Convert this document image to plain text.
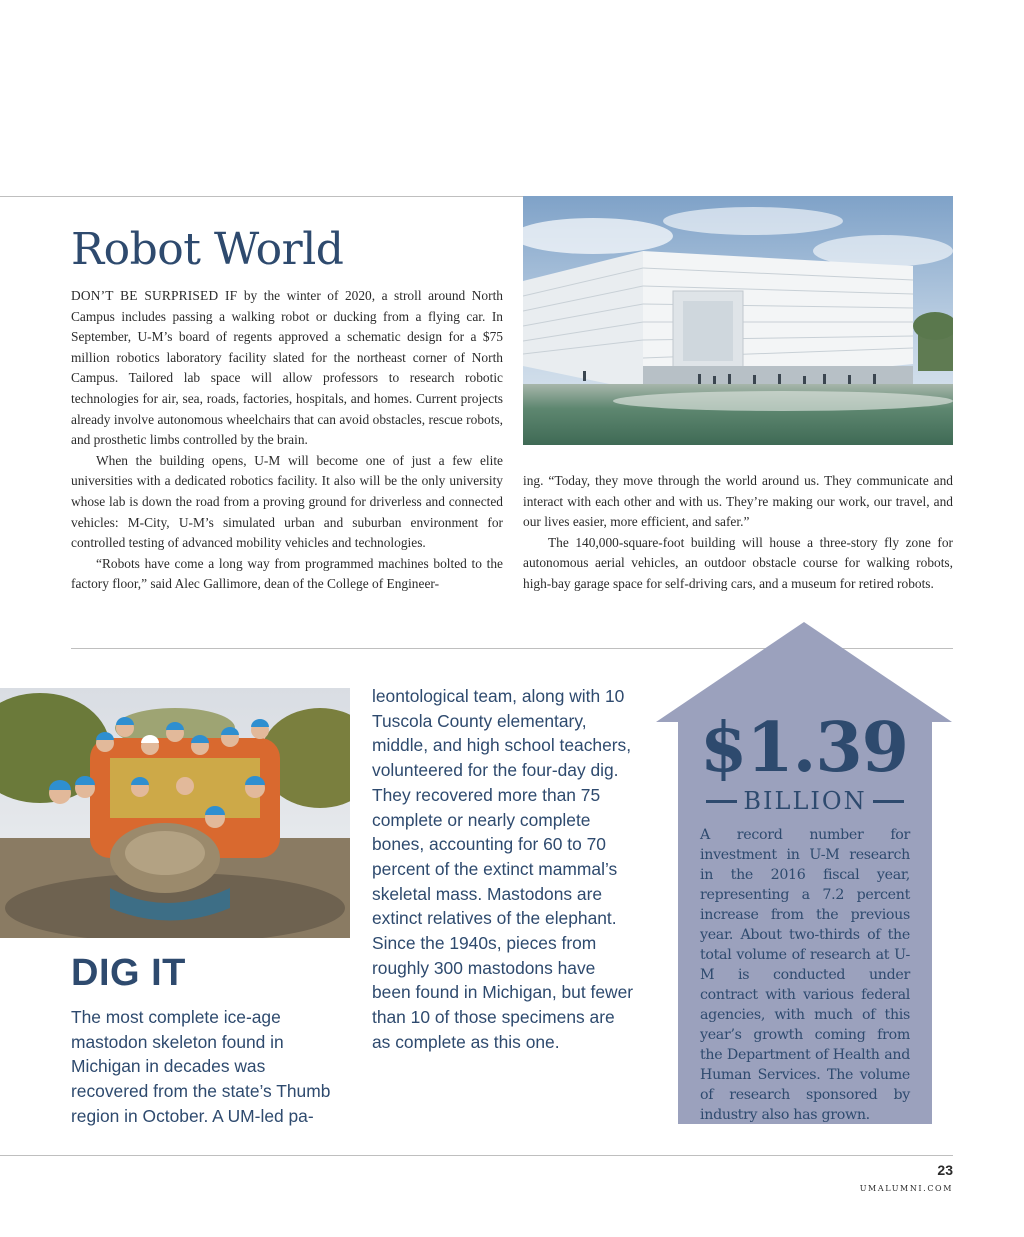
Robot World

DON’T BE SURPRISED IF by the winter of 2020, a stroll around North Campus includes passing a walking robot or ducking from a flying car. In September, U-M’s board of regents approved a schematic design for a $75 million robotics laboratory facility slated for the northeast corner of North Campus. Tailored lab space will allow professors to research robotic technologies for air, sea, roads, factories, hospitals, and homes. Current projects already involve autonomous wheelchairs that can avoid obstacles, rescue robots, and prosthetic limbs controlled by the brain.

When the building opens, U-M will become one of just a few elite universities with a dedicated robotics facility. It also will be the only university whose lab is down the road from a proving ground for driverless and connected vehicles: M-City, U-M’s simulated urban and suburban environment for controlled testing of advanced mobility vehicles and technologies.

“Robots have come a long way from programmed machines bolted to the factory floor,” said Alec Gallimore, dean of the College of Engineer-

ing. “Today, they move through the world around us. They communicate and interact with each other and with us. They’re making our work, our travel, and our lives easier, more efficient, and safer.”

The 140,000-square-foot building will house a three-story fly zone for autonomous aerial vehicles, an outdoor obstacle course for walking robots, high-bay garage space for self-driving cars, and a museum for retired robots.

DIG IT

The most complete ice-age mastodon skeleton found in Michigan in decades was recovered from the state’s Thumb region in October. A UM-led pa-

leontological team, along with 10 Tuscola County elementary, middle, and high school teachers, volunteered for the four-day dig. They recovered more than 75 complete or nearly complete bones, accounting for 60 to 70 percent of the extinct mammal’s skeletal mass. Mastodons are extinct relatives of the elephant. Since the 1940s, pieces from roughly 300 mastodons have been found in Michigan, but fewer than 10 of those specimens are as complete as this one.

$1.39
BILLION

A record number for investment in U-M research in the 2016 fiscal year, representing a 7.2 percent increase from the previous year. About two-thirds of the total volume of research at U-M is conducted under contract with various federal agencies, with much of this year’s growth coming from the Department of Health and Human Services. The volume of research sponsored by industry also has grown.

23
UMALUMNI.COM
